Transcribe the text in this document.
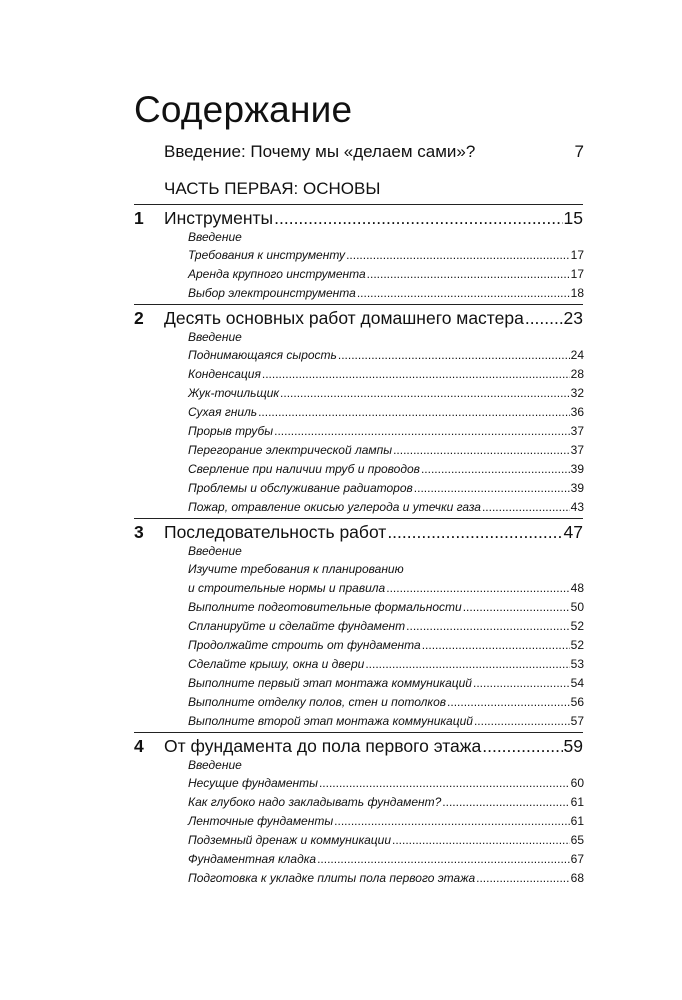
Содержание
Введение: Почему мы «делаем сами»?	7
ЧАСТЬ ПЕРВАЯ: ОСНОВЫ
1 Инструменты .....	15
Введение
Требования к инструменту .....	17
Аренда крупного инструмента .....	17
Выбор электроинструмента .....	18
2 Десять основных работ домашнего мастера ..... 23
Введение
Поднимающаяся сырость .....	24
Конденсация .....	28
Жук-точильщик .....	32
Сухая гниль .....	36
Прорыв трубы .....	37
Перегорание электрической лампы .....	37
Сверление при наличии труб и проводов .....	39
Проблемы и обслуживание радиаторов .....	39
Пожар, отравление окисью углерода и утечки газа .....	43
3 Последовательность работ .....	47
Введение
Изучите требования к планированию
и строительные нормы и правила .....	48
Выполните подготовительные формальности .....	50
Спланируйте и сделайте фундамент .....	52
Продолжайте строить от фундамента .....	52
Сделайте крышу, окна и двери .....	53
Выполните первый этап монтажа коммуникаций .....	54
Выполните отделку полов, стен и потолков .....	56
Выполните второй этап монтажа коммуникаций .....	57
4 От фундамента до пола первого этажа .....	59
Введение
Несущие фундаменты .....	60
Как глубоко надо закладывать фундамент? .....	61
Ленточные фундаменты .....	61
Подземный дренаж и коммуникации .....	65
Фундаментная кладка .....	67
Подготовка к укладке плиты пола первого этажа .....	68
